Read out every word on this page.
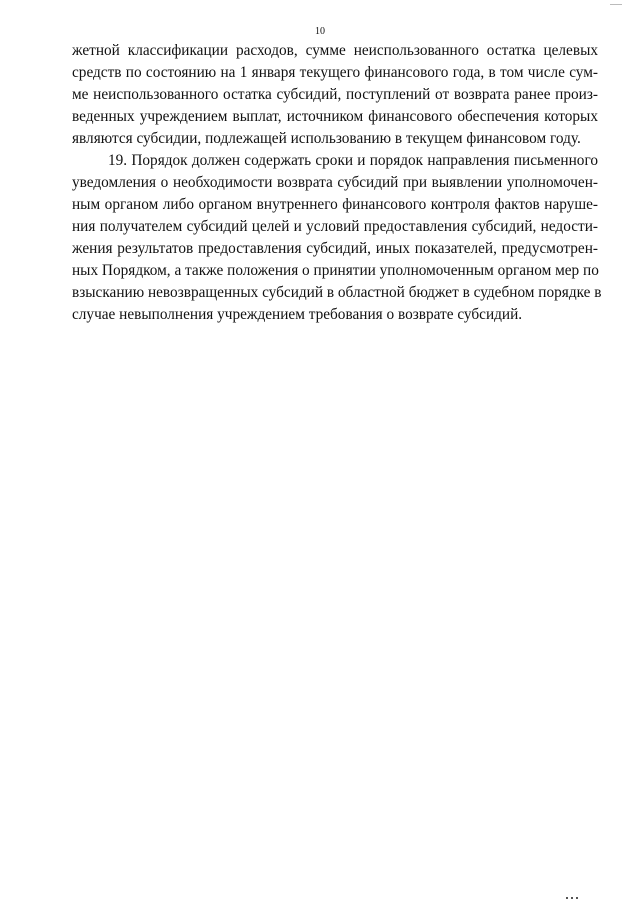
10
жетной классификации расходов, сумме неиспользованного остатка целевых
средств по состоянию на 1 января текущего финансового года, в том числе сум-
ме неиспользованного остатка субсидий, поступлений от возврата ранее произ-
веденных учреждением выплат, источником финансового обеспечения которых
являются субсидии, подлежащей использованию в текущем финансовом году.
19. Порядок должен содержать сроки и порядок направления письменного
уведомления о необходимости возврата субсидий при выявлении уполномочен-
ным органом либо органом внутреннего финансового контроля фактов наруше-
ния получателем субсидий целей и условий предоставления субсидий, недости-
жения результатов предоставления субсидий, иных показателей, предусмотрен-
ных Порядком, а также положения о принятии уполномоченным органом мер по
взысканию невозвращенных субсидий в областной бюджет в судебном порядке в
случае невыполнения учреждением требования о возврате субсидий.
